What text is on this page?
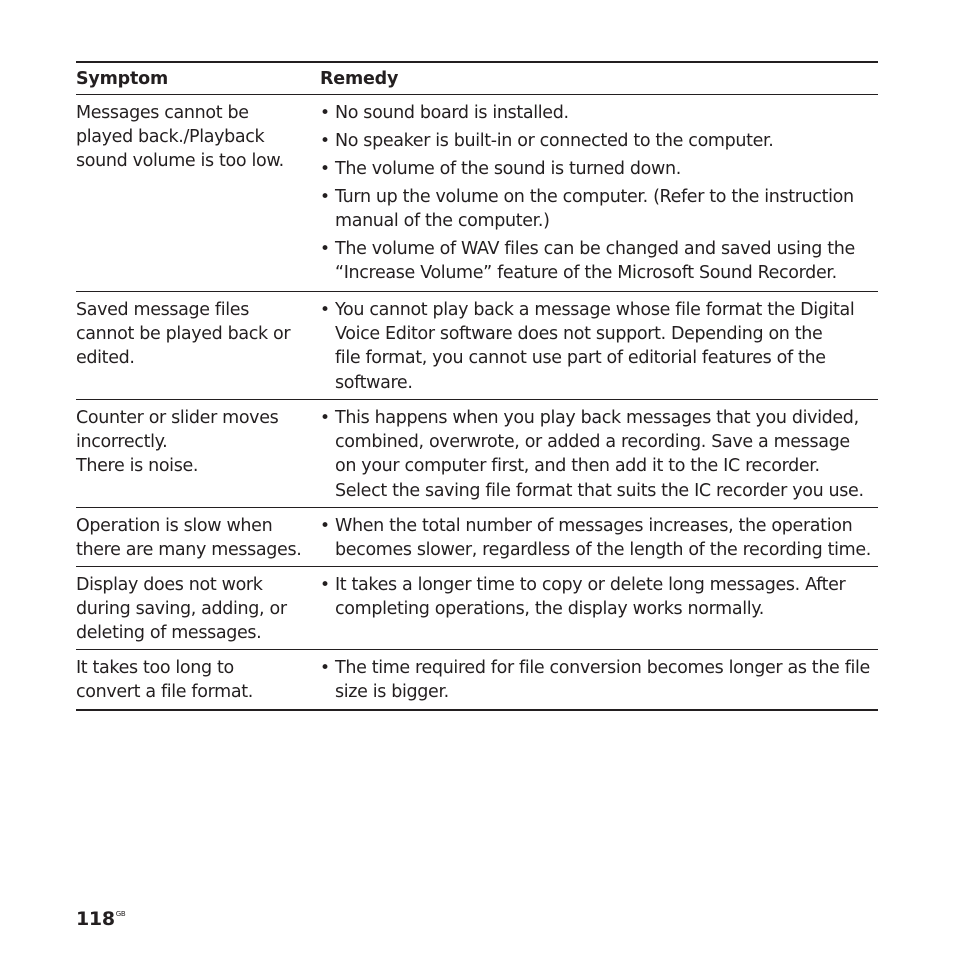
Symptom	Remedy
Messages cannot be
played back./Playback
sound volume is too low.
• No sound board is installed.
• No speaker is built-in or connected to the computer.
• The volume of the sound is turned down.
• Turn up the volume on the computer. (Refer to the instruction
manual of the computer.)
• The volume of WAV files can be changed and saved using the
“Increase Volume” feature of the Microsoft Sound Recorder.
Saved message files
cannot be played back or
edited.
• You cannot play back a message whose file format the Digital
Voice Editor software does not support. Depending on the
file format, you cannot use part of editorial features of the
software.
Counter or slider moves
incorrectly.
There is noise.
• This happens when you play back messages that you divided,
combined, overwrote, or added a recording. Save a message
on your computer first, and then add it to the IC recorder.
Select the saving file format that suits the IC recorder you use.
Operation is slow when
there are many messages.
• When the total number of messages increases, the operation
becomes slower, regardless of the length of the recording time.
Display does not work
during saving, adding, or
deleting of messages.
• It takes a longer time to copy or delete long messages. After
completing operations, the display works normally.
It takes too long to
convert a file format.
• The time required for file conversion becomes longer as the file
size is bigger.
$118^{GB}$
